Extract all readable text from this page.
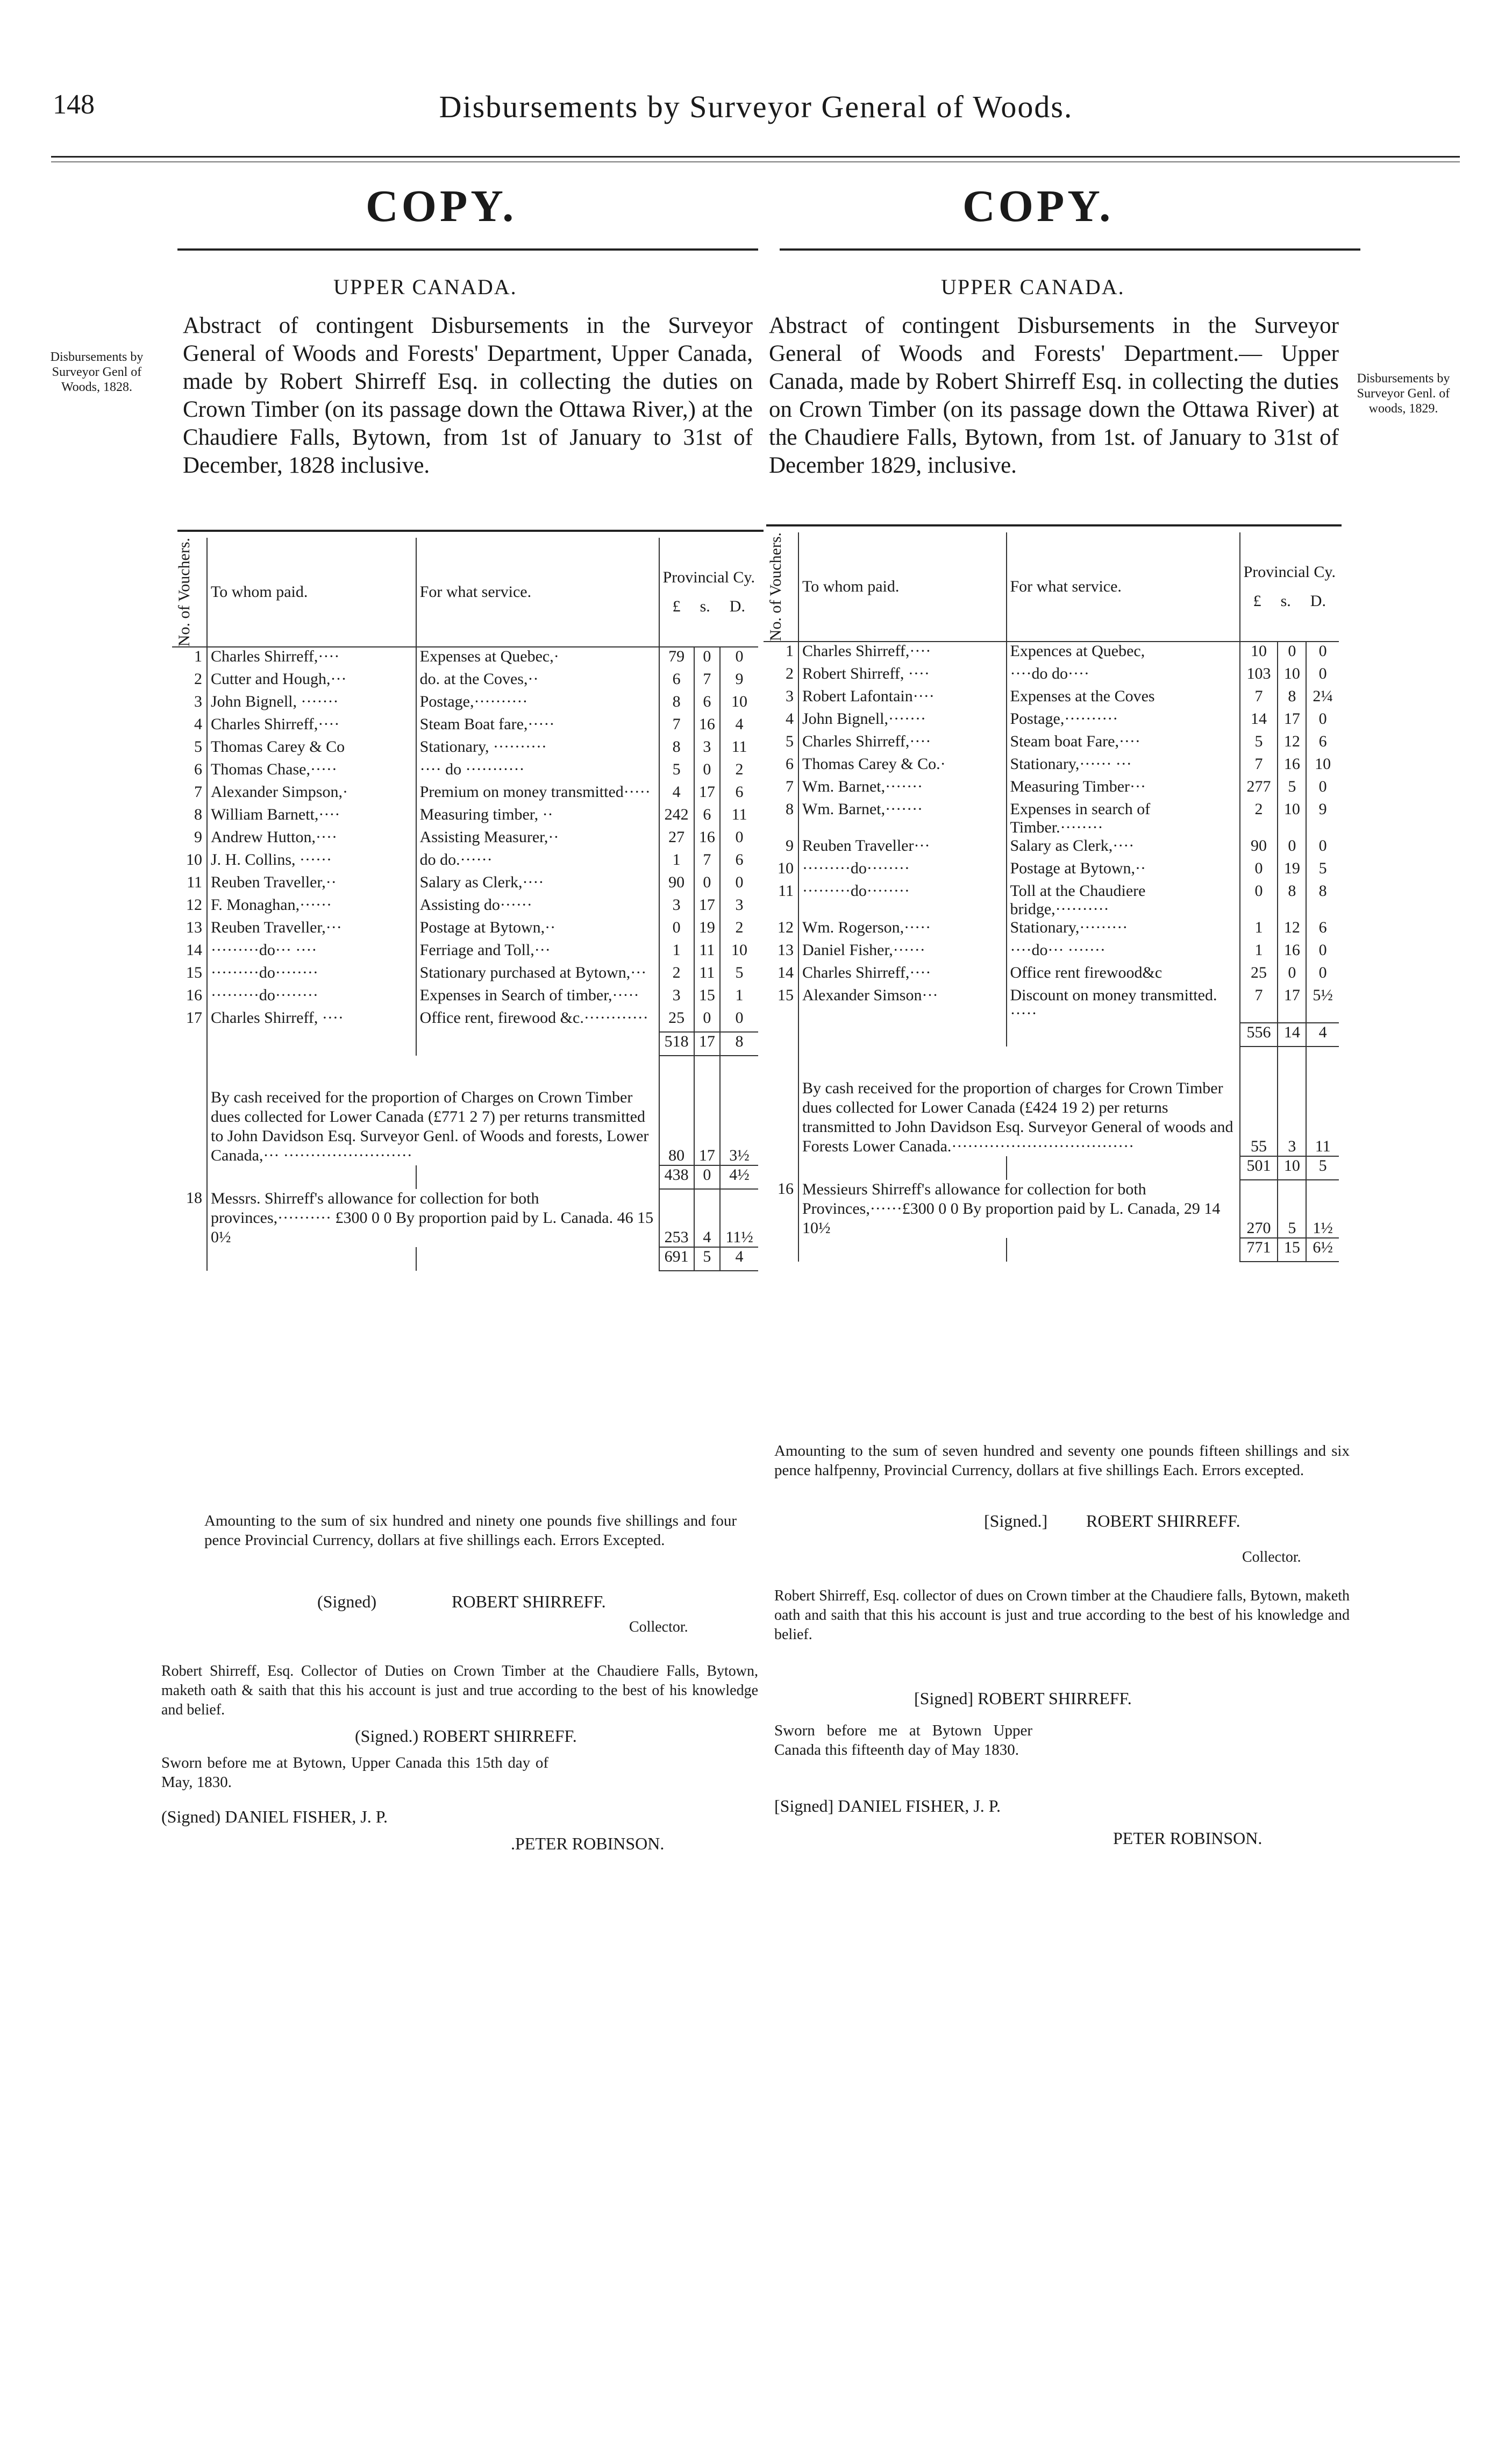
148	Disbursements by Surveyor General of Woods.
COPY.
UPPER CANADA.
Disbursements by Surveyor Genl of Woods, 1828.
Abstract of contingent Disbursements in the Surveyor General of Woods and Forests' Department, Upper Canada, made by Robert Shirreff Esq. in collecting the duties on Crown Timber (on its passage down the Ottawa River,) at the Chaudiere Falls, Bytown, from 1st of January to 31st of December, 1828 inclusive.
No. of Vouchers.	To whom paid.	For what service.	Provincial Cy.
£ s. D.		

1	Charles Shirreff,····	Expenses at Quebec,·	79	0	0
2	Cutter and Hough,···	do. at the Coves,··	6	7	9
3	John Bignell, ·······	Postage,··········	8	6	10
4	Charles Shirreff,····	Steam Boat fare,·····	7	16	4
5	Thomas Carey & Co	Stationary, ··········	8	3	11
6	Thomas Chase,·····	···· do ···········	5	0	2
7	Alexander Simpson,·	Premium on money transmitted·····	4	17	6
8	William Barnett,····	Measuring timber, ··	242	6	11
9	Andrew Hutton,····	Assisting Measurer,··	27	16	0
10	J. H. Collins, ······	do do.······	1	7	6
11	Reuben Traveller,··	Salary as Clerk,····	90	0	0
12	F. Monaghan,······	Assisting do······	3	17	3
13	Reuben Traveller,···	Postage at Bytown,··	0	19	2
14	·········do··· ····	Ferriage and Toll,···	1	11	10
15	·········do········	Stationary purchased at Bytown,···	2	11	5
16	·········do········	Expenses in Search of timber,·····	3	15	1
17	Charles Shirreff, ····	Office rent, firewood &c.············	25	0	0
			518	17	8
	By cash received for the proportion of Charges on Crown Timber dues collected for Lower Canada (£771 2 7) per returns transmitted to John Davidson Esq. Surveyor Genl. of Woods and forests, Lower Canada,··· ························		80	17	3½
			438	0	4½
18	Messrs. Shirreff's allowance for collection for both provinces,·········· £300 0 0 By proportion paid by L. Canada. 46 15 0½		253	4	11½
			691	5	4
Amounting to the sum of six hundred and ninety one pounds five shillings and four pence Provincial Currency, dollars at five shillings each. Errors Excepted.
(Signed)	ROBERT SHIRREFF.
Collector.
Robert Shirreff, Esq. Collector of Duties on Crown Timber at the Chaudiere Falls, Bytown, maketh oath & saith that this his account is just and true according to the best of his knowledge and belief.
(Signed.) ROBERT SHIRREFF.
Sworn before me at Bytown, Upper Canada this 15th day of May, 1830.
(Signed) DANIEL FISHER, J. P.
.PETER ROBINSON.
COPY.
UPPER CANADA.
Abstract of contingent Disbursements in the Surveyor General of Woods and Forests' Department.— Upper Canada, made by Robert Shirreff Esq. in collecting the duties on Crown Timber (on its passage down the Ottawa River) at the Chaudiere Falls, Bytown, from 1st. of January to 31st of December 1829, inclusive.
Disbursements by Surveyor Genl. of woods, 1829.
No. of Vouchers.	To whom paid.	For what service.	Provincial Cy.
£ s. D.		

1	Charles Shirreff,····	Expences at Quebec,	10	0	0
2	Robert Shirreff, ····	····do do····	103	10	0
3	Robert Lafontain····	Expenses at the Coves	7	8	2¼
4	John Bignell,·······	Postage,··········	14	17	0
5	Charles Shirreff,····	Steam boat Fare,····	5	12	6
6	Thomas Carey & Co.·	Stationary,······ ···	7	16	10
7	Wm. Barnet,·······	Measuring Timber···	277	5	0
8	Wm. Barnet,·······	Expenses in search of Timber.········	2	10	9
9	Reuben Traveller···	Salary as Clerk,····	90	0	0
10	·········do········	Postage at Bytown,··	0	19	5
11	·········do········	Toll at the Chaudiere bridge,··········	0	8	8
12	Wm. Rogerson,·····	Stationary,·········	1	12	6
13	Daniel Fisher,······	····do··· ·······	1	16	0
14	Charles Shirreff,····	Office rent firewood&c	25	0	0
15	Alexander Simson···	Discount on money transmitted. ·····	7	17	5½
			556	14	4
	By cash received for the proportion of charges for Crown Timber dues collected for Lower Canada (£424 19 2) per returns transmitted to John Davidson Esq. Surveyor General of woods and Forests Lower Canada.··································		55	3	11
			501	10	5
16	Messieurs Shirreff's allowance for collection for both Provinces,······£300 0 0 By proportion paid by L. Canada, 29 14 10½		270	5	1½
			771	15	6½
Amounting to the sum of seven hundred and seventy one pounds fifteen shillings and six pence halfpenny, Provincial Currency, dollars at five shillings Each. Errors excepted.
[Signed.] ROBERT SHIRREFF.
Collector.
Robert Shirreff, Esq. collector of dues on Crown timber at the Chaudiere falls, Bytown, maketh oath and saith that this his account is just and true according to the best of his knowledge and belief.
[Signed] ROBERT SHIRREFF.
Sworn before me at Bytown Upper Canada this fifteenth day of May 1830.
[Signed] DANIEL FISHER, J. P.
PETER ROBINSON.
